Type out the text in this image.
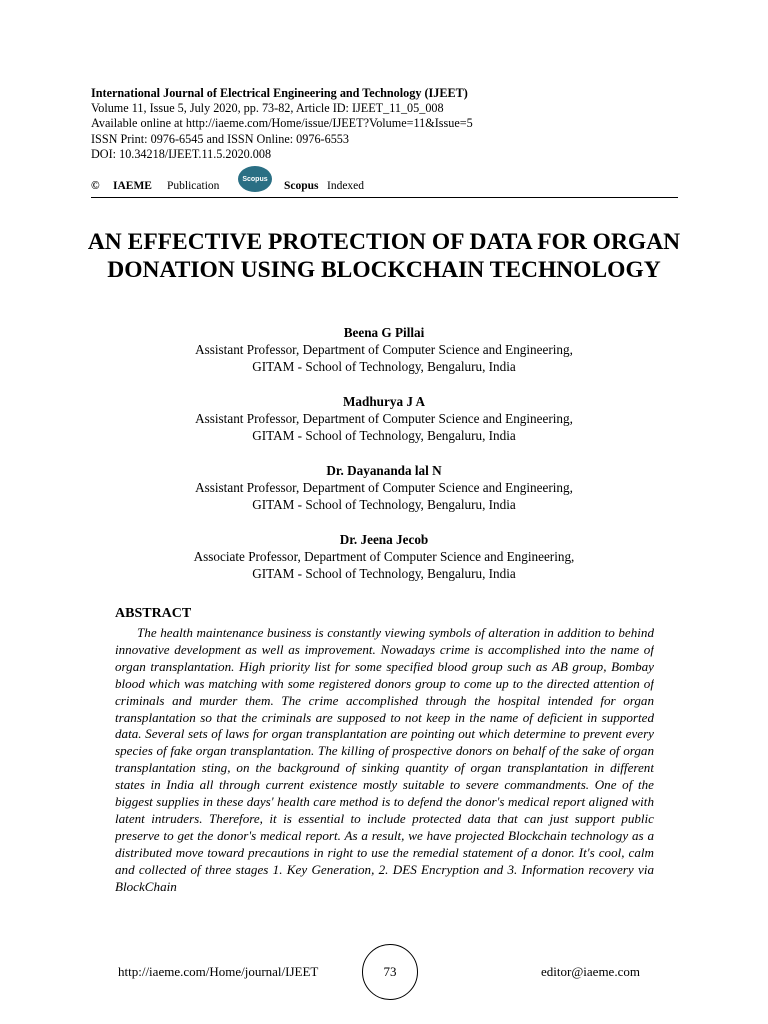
International Journal of Electrical Engineering and Technology (IJEET)
Volume 11, Issue 5, July 2020, pp. 73-82, Article ID: IJEET_11_05_008
Available online at http://iaeme.com/Home/issue/IJEET?Volume=11&Issue=5
ISSN Print: 0976-6545 and ISSN Online: 0976-6553
DOI: 10.34218/IJEET.11.5.2020.008
© IAEME Publication
Scopus
Scopus Indexed
AN EFFECTIVE PROTECTION OF DATA FOR ORGAN DONATION USING BLOCKCHAIN TECHNOLOGY
Beena G Pillai
Assistant Professor, Department of Computer Science and Engineering,
GITAM - School of Technology, Bengaluru, India
Madhurya J A
Assistant Professor, Department of Computer Science and Engineering,
GITAM - School of Technology, Bengaluru, India
Dr. Dayananda lal N
Assistant Professor, Department of Computer Science and Engineering,
GITAM - School of Technology, Bengaluru, India
Dr. Jeena Jecob
Associate Professor, Department of Computer Science and Engineering,
GITAM - School of Technology, Bengaluru, India
ABSTRACT
The health maintenance business is constantly viewing symbols of alteration in addition to behind innovative development as well as improvement. Nowadays crime is accomplished into the name of organ transplantation. High priority list for some specified blood group such as AB group, Bombay blood which was matching with some registered donors group to come up to the directed attention of criminals and murder them. The crime accomplished through the hospital intended for organ transplantation so that the criminals are supposed to not keep in the name of deficient in supported data. Several sets of laws for organ transplantation are pointing out which determine to prevent every species of fake organ transplantation. The killing of prospective donors on behalf of the sake of organ transplantation sting, on the background of sinking quantity of organ transplantation in different states in India all through current existence mostly suitable to severe commandments. One of the biggest supplies in these days' health care method is to defend the donor's medical report aligned with latent intruders. Therefore, it is essential to include protected data that can just support public preserve to get the donor's medical report. As a result, we have projected Blockchain technology as a distributed move toward precautions in right to use the remedial statement of a donor. It's cool, calm and collected of three stages 1. Key Generation, 2. DES Encryption and 3. Information recovery via BlockChain
http://iaeme.com/Home/journal/IJEET	73	editor@iaeme.com
